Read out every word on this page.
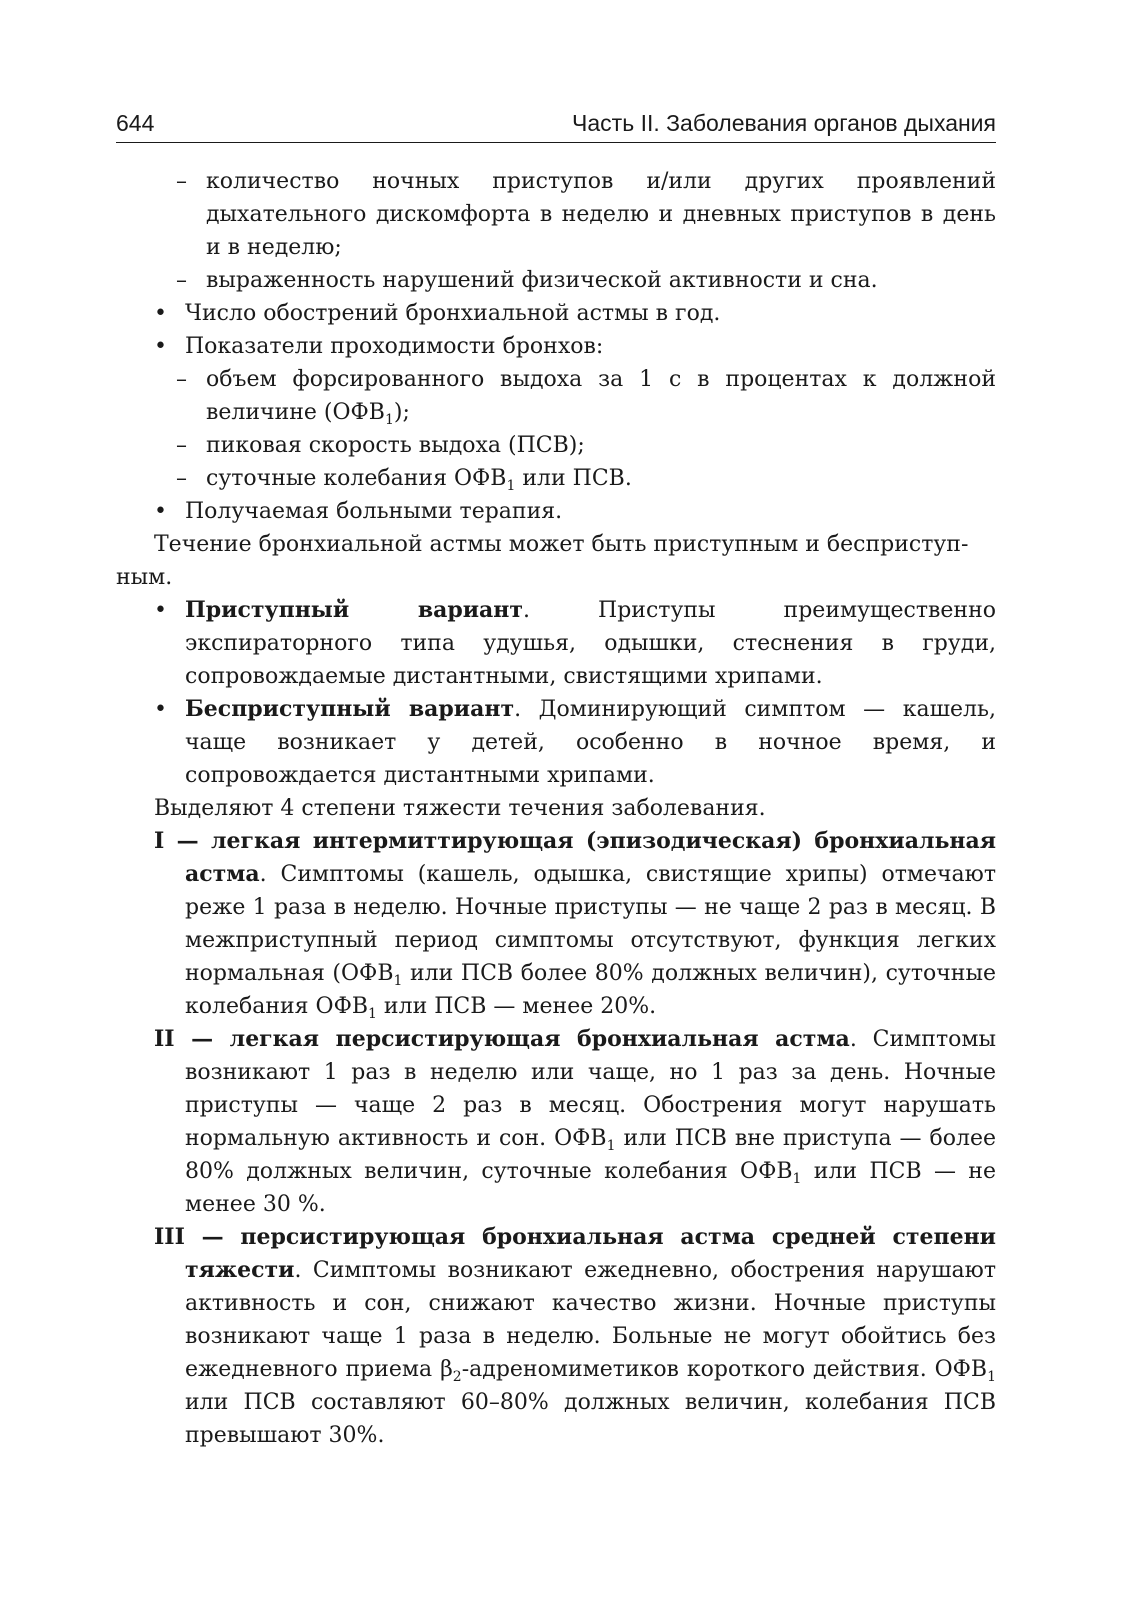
644	Часть II. Заболевания органов дыхания
– количество ночных приступов и/или других проявлений дыхательного дискомфорта в неделю и дневных приступов в день и в неделю;
– выраженность нарушений физической активности и сна.
• Число обострений бронхиальной астмы в год.
• Показатели проходимости бронхов:
– объем форсированного выдоха за 1 с в процентах к должной величине $(ОФВ_1)$;
– пиковая скорость выдоха (ПСВ);
– суточные колебания $ОФВ_1$ или ПСВ.
• Получаемая больными терапия.
Течение бронхиальной астмы может быть приступным и бесприступ-
ным.
• Приступный вариант. Приступы преимущественно экспираторного типа удушья, одышки, стеснения в груди, сопровождаемые дистантными, свистящими хрипами.
• Бесприступный вариант. Доминирующий симптом — кашель, чаще возникает у детей, особенно в ночное время, и сопровождается дистантными хрипами.
Выделяют 4 степени тяжести течения заболевания.
I — легкая интермиттирующая (эпизодическая) бронхиальная астма. Симптомы (кашель, одышка, свистящие хрипы) отмечают реже 1 раза в неделю. Ночные приступы — не чаще 2 раз в месяц. В межприступный период симптомы отсутствуют, функция легких нормальная ($ОФВ_1$ или ПСВ более 80% должных величин), суточные колебания $ОФВ_1$ или ПСВ — менее 20%.
II — легкая персистирующая бронхиальная астма. Симптомы возникают 1 раз в неделю или чаще, но 1 раз за день. Ночные приступы — чаще 2 раз в месяц. Обострения могут нарушать нормальную активность и сон. $ОФВ_1$ или ПСВ вне приступа — более 80% должных величин, суточные колебания $ОФВ_1$ или ПСВ — не менее 30 %.
III — персистирующая бронхиальная астма средней степени тяжести. Симптомы возникают ежедневно, обострения нарушают активность и сон, снижают качество жизни. Ночные приступы возникают чаще 1 раза в неделю. Больные не могут обойтись без ежедневного приема $\beta_2$-адреномиметиков короткого действия. $ОФВ_1$ или ПСВ составляют 60–80% должных величин, колебания ПСВ превышают 30%.
